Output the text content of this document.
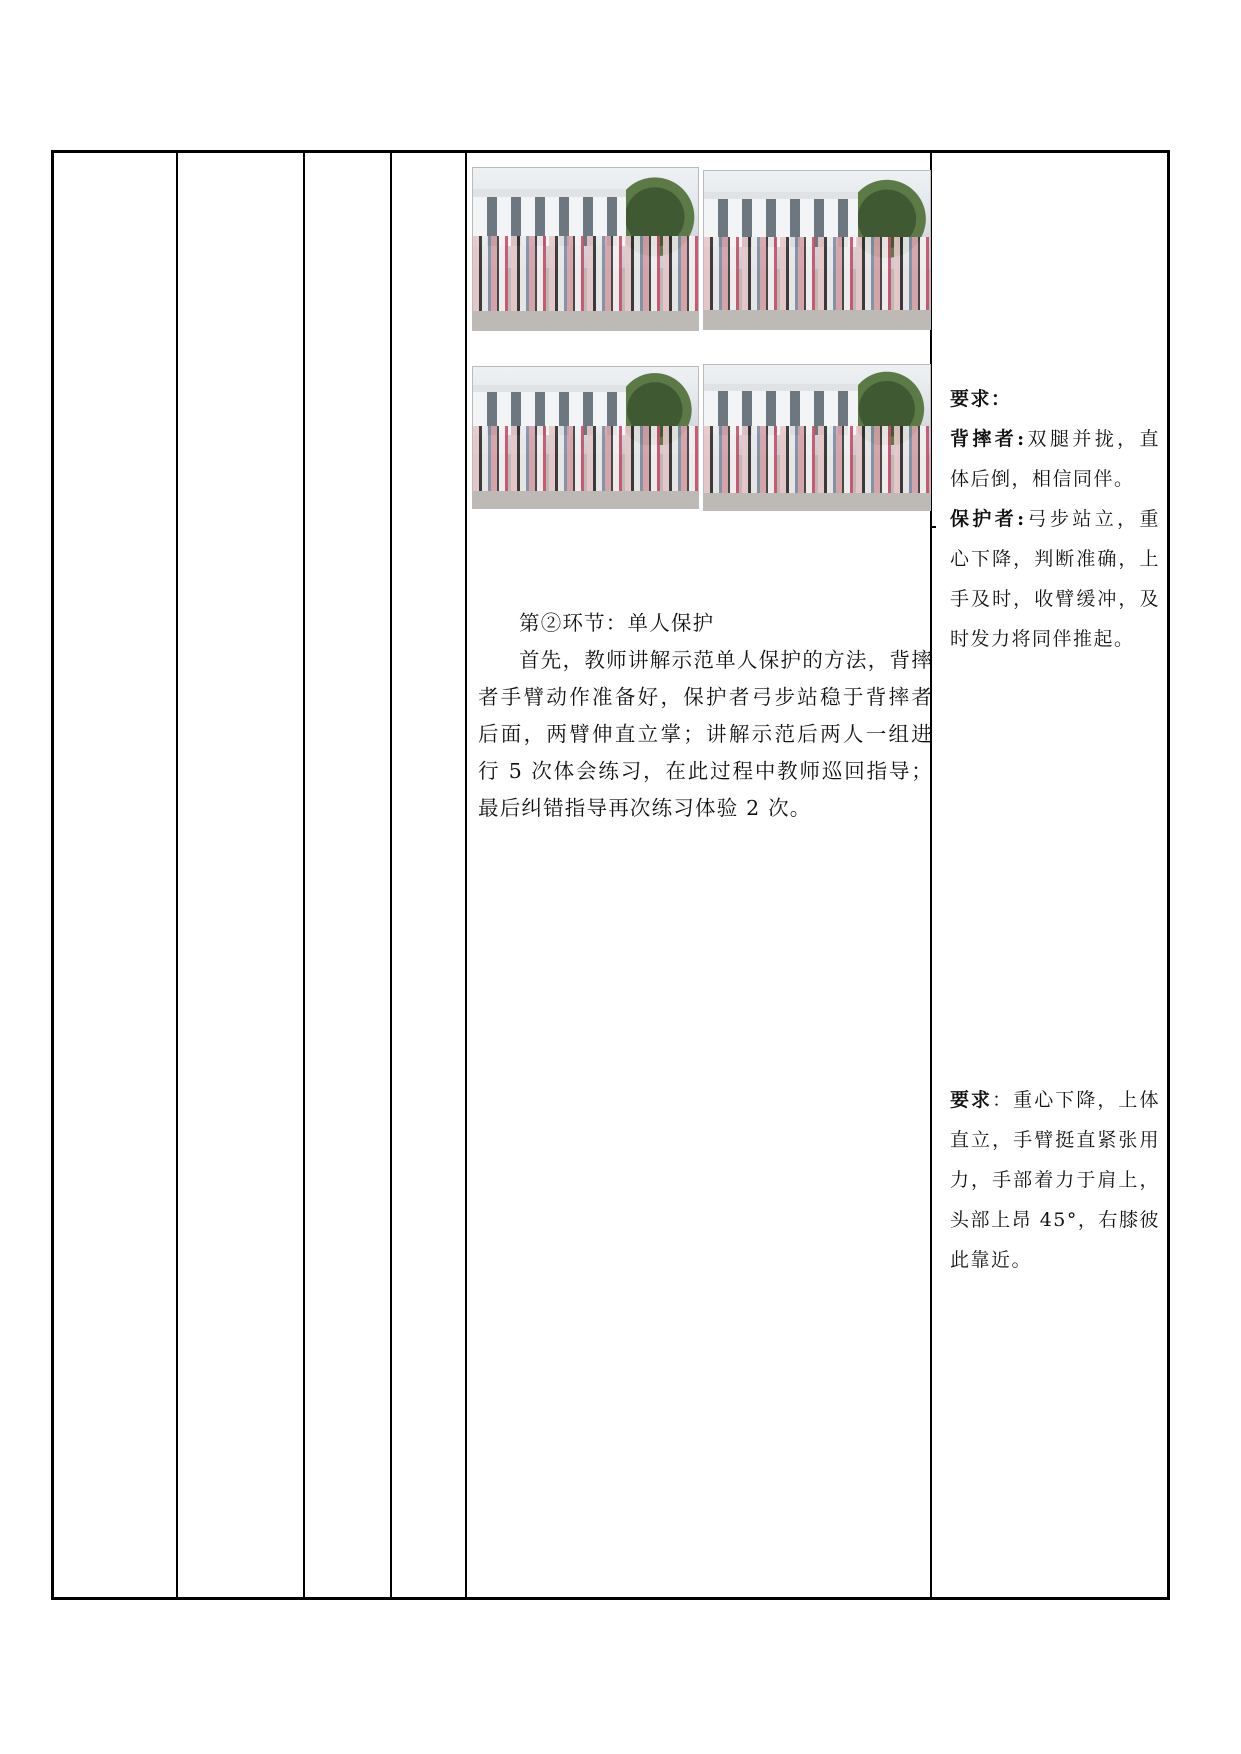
第②环节：单人保护

首先，教师讲解示范单人保护的方法，背摔者手臂动作准备好，保护者弓步站稳于背摔者后面，两臂伸直立掌；讲解示范后两人一组进行 5 次体会练习，在此过程中教师巡回指导；最后纠错指导再次练习体验 2 次。

要求：

背摔者:双腿并拢，直体后倒，相信同伴。

保护者:弓步站立，重心下降，判断准确，上手及时，收臂缓冲，及时发力将同伴推起。

要求：重心下降，上体直立，手臂挺直紧张用力，手部着力于肩上，头部上昂 45°，右膝彼此靠近。
